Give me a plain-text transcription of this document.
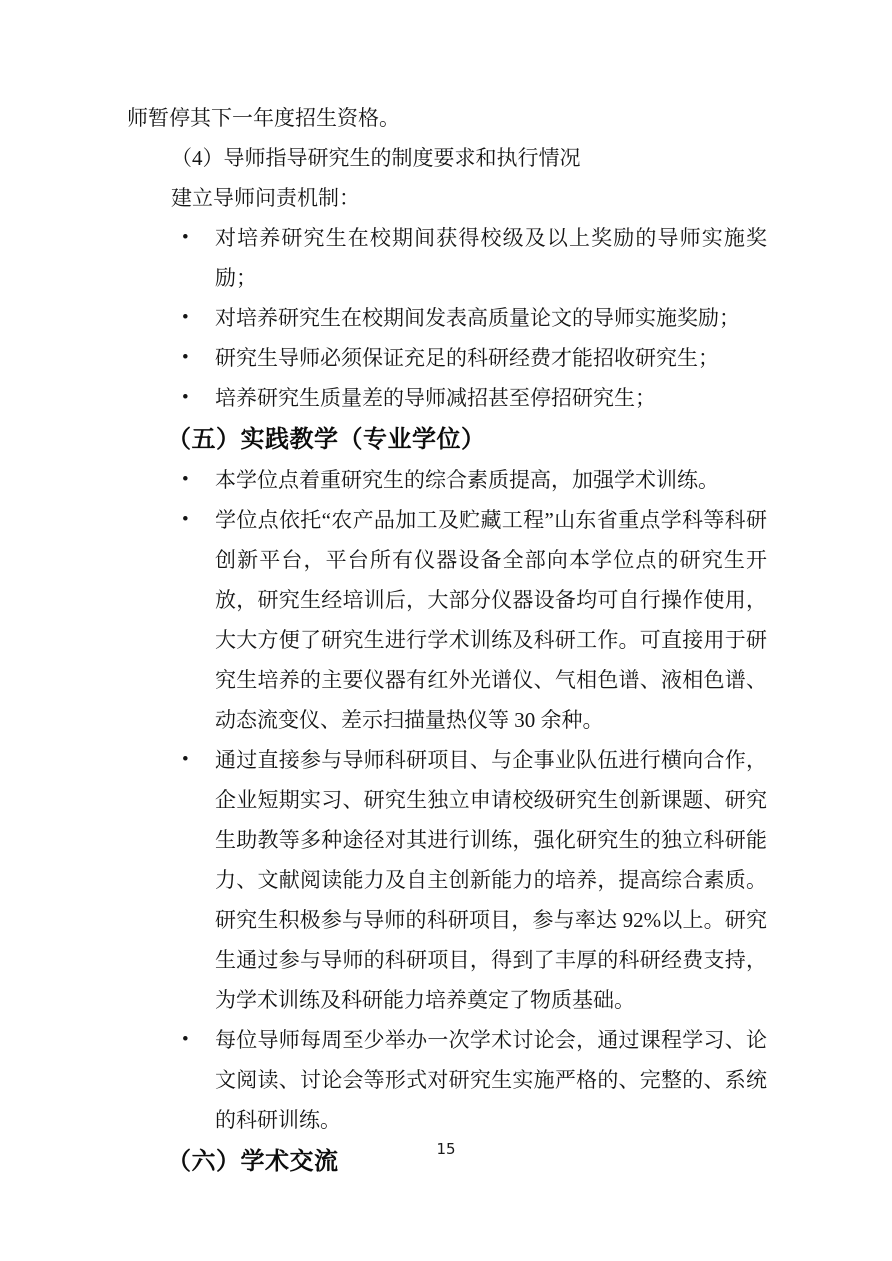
师暂停其下一年度招生资格。

（4）导师指导研究生的制度要求和执行情况

建立导师问责机制：

• 对培养研究生在校期间获得校级及以上奖励的导师实施奖励；
• 对培养研究生在校期间发表高质量论文的导师实施奖励；
• 研究生导师必须保证充足的科研经费才能招收研究生；
• 培养研究生质量差的导师减招甚至停招研究生；
（五）实践教学（专业学位）
• 本学位点着重研究生的综合素质提高，加强学术训练。
• 学位点依托“农产品加工及贮藏工程”山东省重点学科等科研创新平台，平台所有仪器设备全部向本学位点的研究生开放，研究生经培训后，大部分仪器设备均可自行操作使用，大大方便了研究生进行学术训练及科研工作。可直接用于研究生培养的主要仪器有红外光谱仪、气相色谱、液相色谱、动态流变仪、差示扫描量热仪等 30 余种。
• 通过直接参与导师科研项目、与企事业队伍进行横向合作，企业短期实习、研究生独立申请校级研究生创新课题、研究生助教等多种途径对其进行训练，强化研究生的独立科研能力、文献阅读能力及自主创新能力的培养，提高综合素质。研究生积极参与导师的科研项目，参与率达 92%以上。研究生通过参与导师的科研项目，得到了丰厚的科研经费支持，为学术训练及科研能力培养奠定了物质基础。
• 每位导师每周至少举办一次学术讨论会，通过课程学习、论文阅读、讨论会等形式对研究生实施严格的、完整的、系统的科研训练。
（六）学术交流	15
